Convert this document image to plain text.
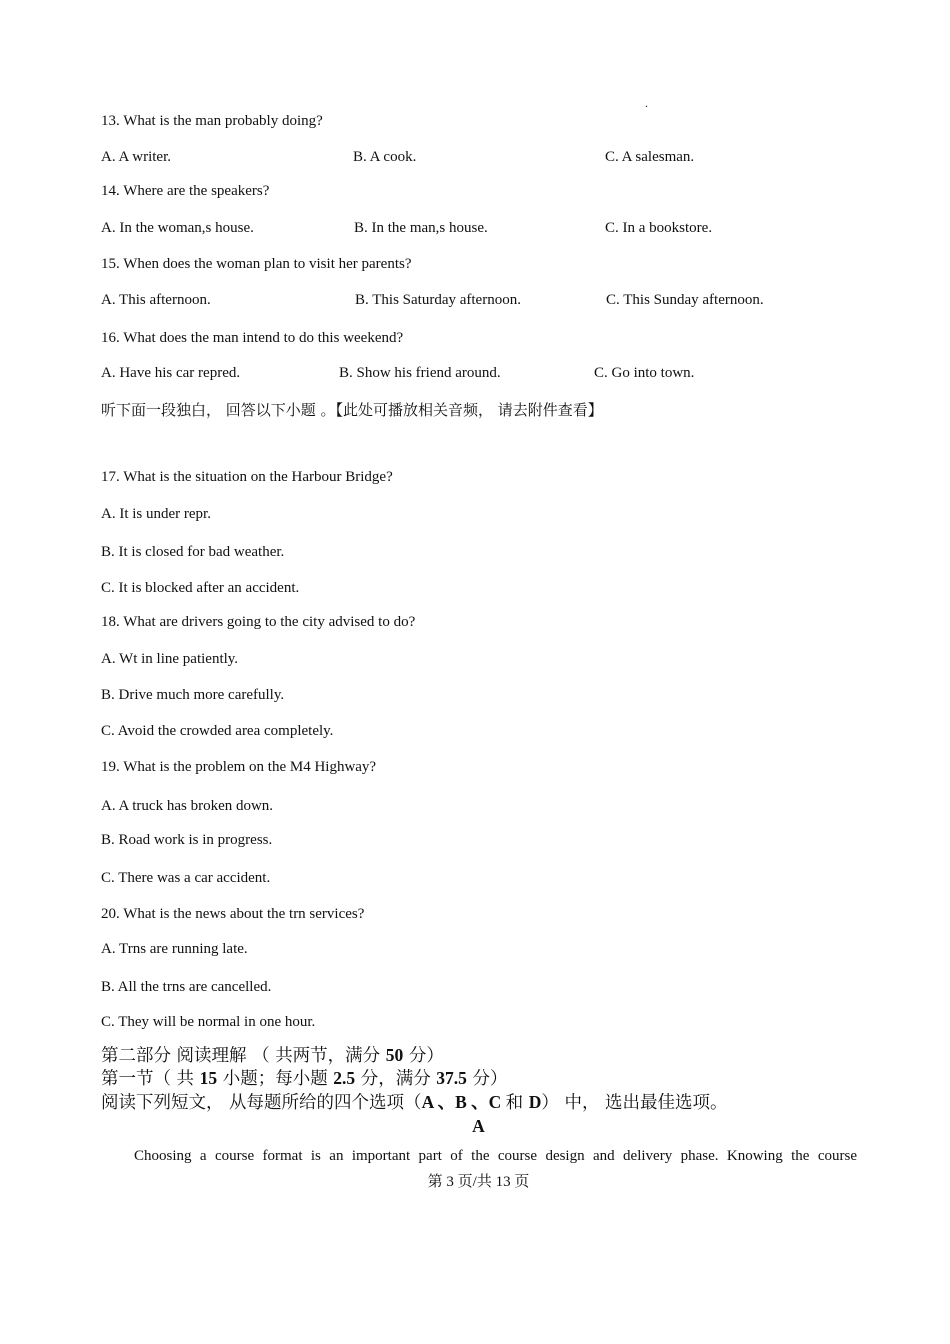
.
13. What is the man probably doing?
A. A writer.	B. A cook.	C. A salesman.
14. Where are the speakers?
A. In the woman,s house.	B. In the man,s house.	C. In a bookstore.
15. When does the woman plan to visit her parents?
A. This afternoon.	B. This Saturday afternoon.	C. This Sunday afternoon.
16. What does the man intend to do this weekend?
A. Have his car repred.	B. Show his friend around.	C. Go into town.
听下面一段独白， 回答以下小题 。【此处可播放相关音频， 请去附件查看】
17. What is the situation on the Harbour Bridge?
A. It is under repr.
B. It is closed for bad weather.
C. It is blocked after an accident.
18. What are drivers going to the city advised to do?
A. Wt in line patiently.
B. Drive much more carefully.
C. Avoid the crowded area completely.
19. What is the problem on the M4 Highway?
A. A truck has broken down.
B. Road work is in progress.
C. There was a car accident.
20. What is the news about the trn services?
A. Trns are running late.
B. All the trns are cancelled.
C. They will be normal in one hour.
第二部分 阅读理解 （ 共两节，满分 50 分）
第一节（ 共 15 小题；每小题 2.5 分，满分 37.5 分）
阅读下列短文， 从每题所给的四个选项（A 、B 、C 和 D） 中， 选出最佳选项。
A
Choosing a course format is an important part of the course design and delivery phase. Knowing the course
第 3 页/共 13 页
